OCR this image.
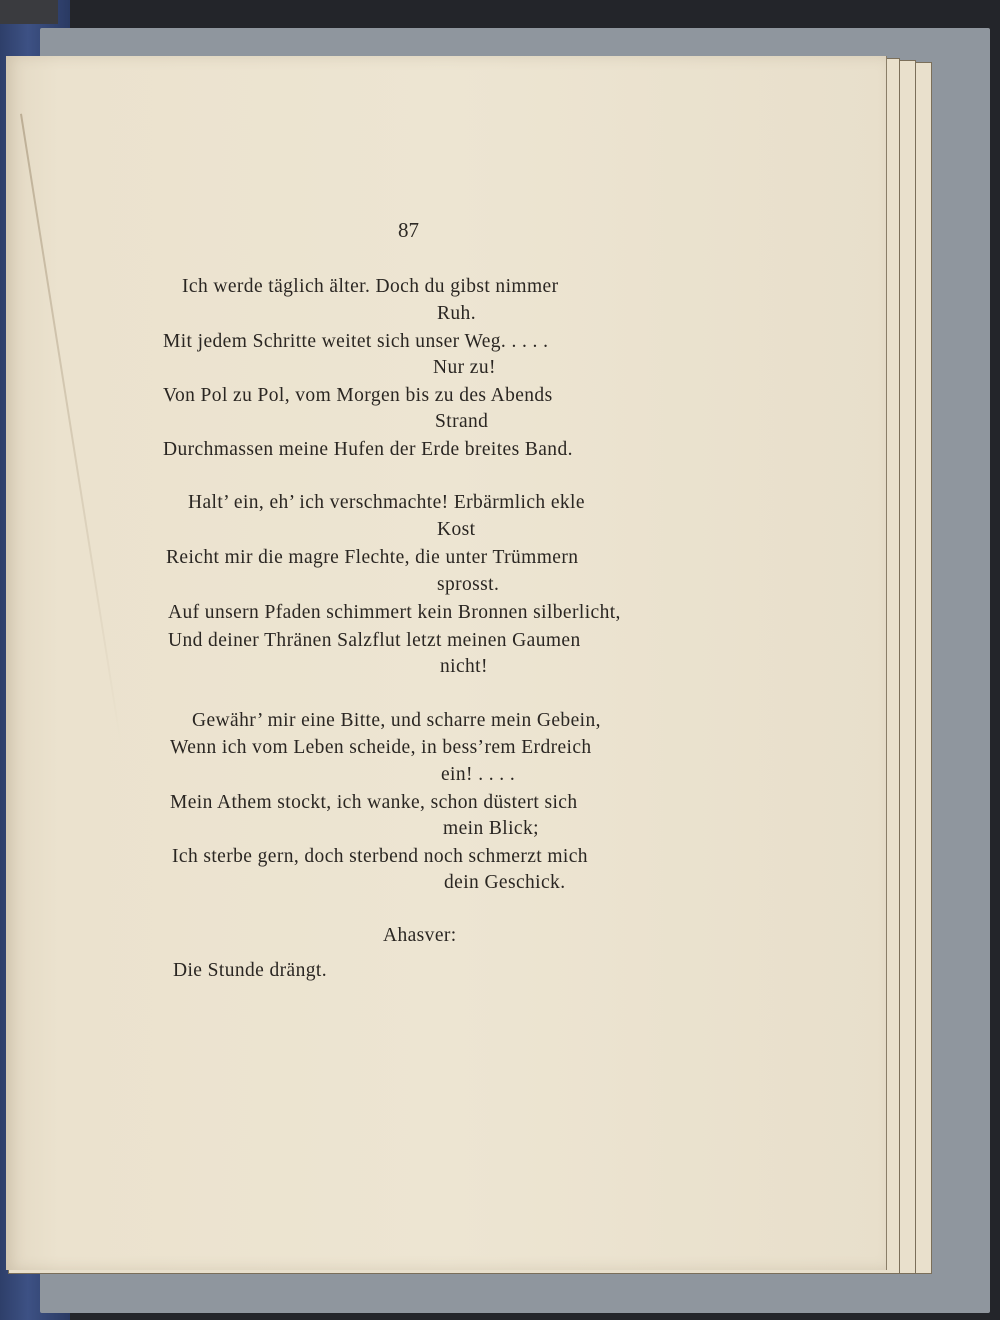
87
Ich werde täglich älter. Doch du gibst nimmer
Ruh.
Mit jedem Schritte weitet sich unser Weg. . . . .
Nur zu!
Von Pol zu Pol, vom Morgen bis zu des Abends
Strand
Durchmassen meine Hufen der Erde breites Band.
Halt’ ein, eh’ ich verschmachte! Erbärmlich ekle
Kost
Reicht mir die magre Flechte, die unter Trümmern
sprosst.
Auf unsern Pfaden schimmert kein Bronnen silberlicht,
Und deiner Thränen Salzflut letzt meinen Gaumen
nicht!
Gewähr’ mir eine Bitte, und scharre mein Gebein,
Wenn ich vom Leben scheide, in bess’rem Erdreich
ein! . . . .
Mein Athem stockt, ich wanke, schon düstert sich
mein Blick;
Ich sterbe gern, doch sterbend noch schmerzt mich
dein Geschick.
Ahasver:
Die Stunde drängt.
